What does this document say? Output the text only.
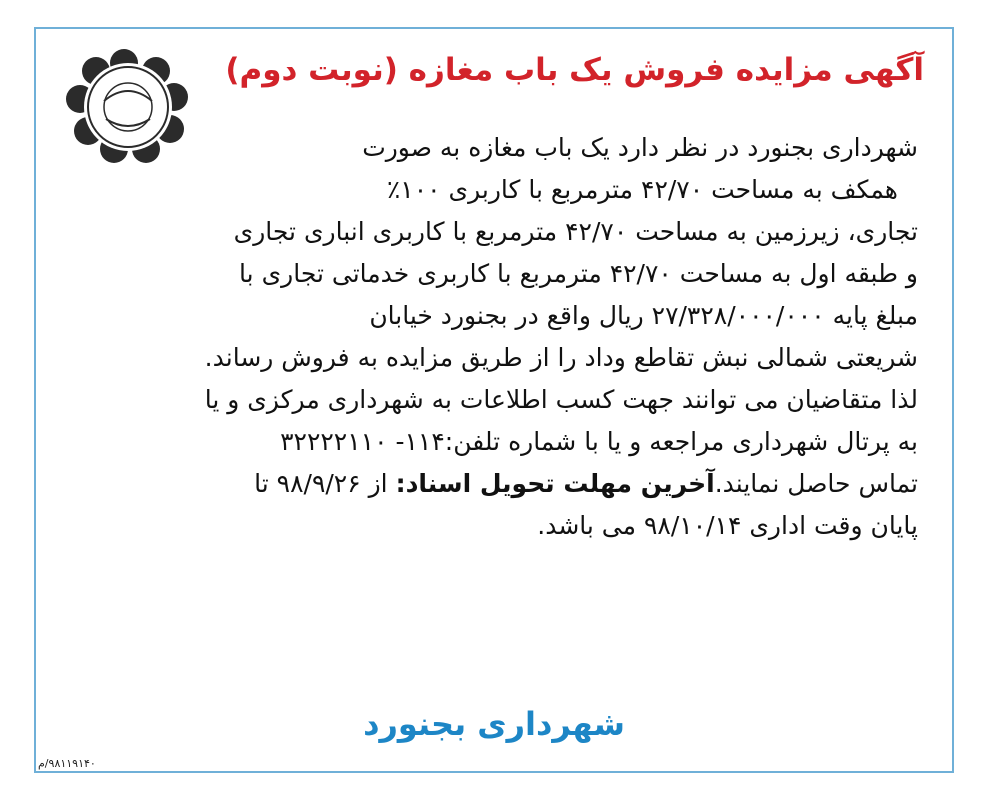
آگهی مزایده فروش یک باب مغازه (نوبت دوم)
شهرداری بجنورد در نظر دارد یک باب مغازه به صورت
همکف به مساحت ۴۲/۷۰ مترمربع با کاربری ۱۰۰٪
تجاری، زیرزمین به مساحت ۴۲/۷۰ مترمربع با کاربری انباری تجاری
و طبقه اول به مساحت ۴۲/۷۰ مترمربع با کاربری خدماتی تجاری با
مبلغ پایه ۲۷/۳۲۸/۰۰۰/۰۰۰ ریال واقع در بجنورد خیابان
شریعتی شمالی نبش تقاطع وداد را از طریق مزایده به فروش رساند.
لذا متقاضیان می توانند جهت کسب اطلاعات به شهرداری مرکزی و یا
به پرتال شهرداری مراجعه و یا با شماره تلفن:۱۱۴- ۳۲۲۲۲۱۱۰
تماس حاصل نمایند.آخرین مهلت تحویل اسناد: از ۹۸/۹/۲۶ تا
پایان وقت اداری ۹۸/۱۰/۱۴ می باشد.
شهرداری بجنورد
۹۸۱۱۹۱۴۰/م
